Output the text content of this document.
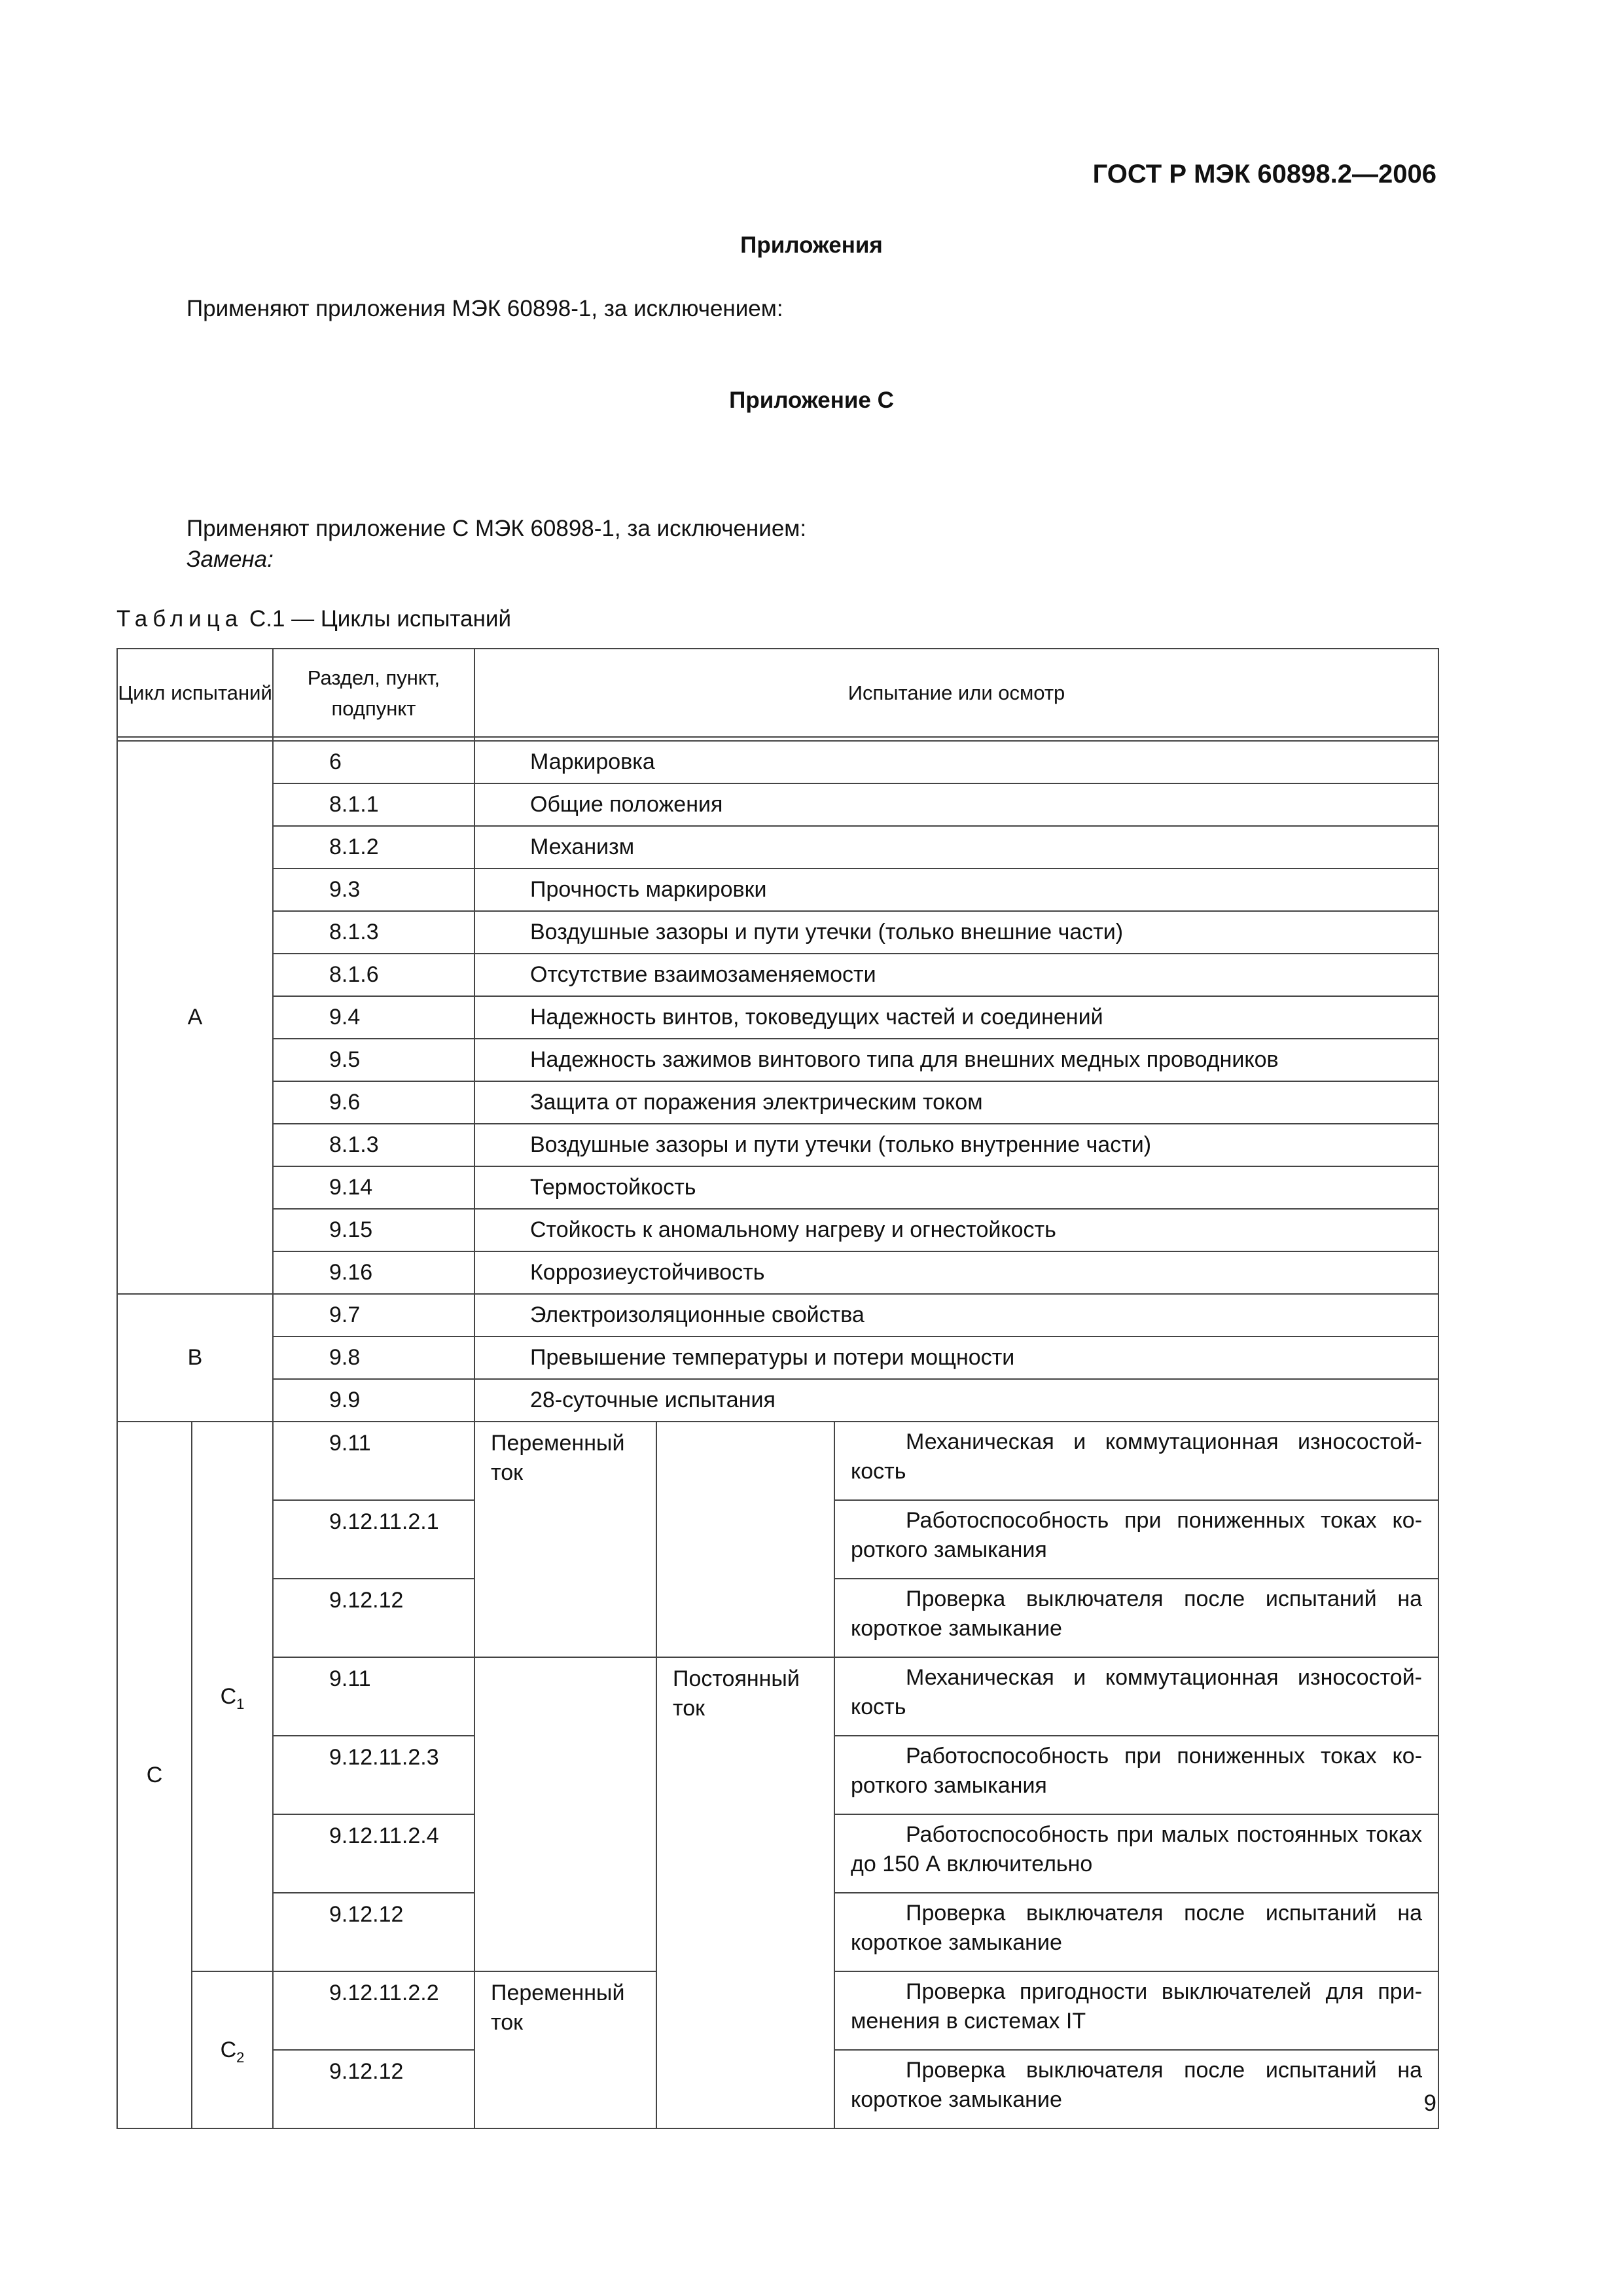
ГОСТ Р МЭК 60898.2—2006
Приложения
Применяют приложения МЭК 60898-1, за исключением:
Приложение С
Применяют приложение С МЭК 60898-1, за исключением:
Замена:
Таблица С.1 — Циклы испытаний
Цикл испытаний		Раздел, пункт, подпункт	Испытание или осмотр		

А		6	Маркировка		
		8.1.1	Общие положения		
		8.1.2	Механизм		
		9.3	Прочность маркировки		
		8.1.3	Воздушные зазоры и пути утечки (только внешние части)		
		8.1.6	Отсутствие взаимозаменяемости		
		9.4	Надежность винтов, токоведущих частей и соединений		
		9.5	Надежность зажимов винтового типа для внешних медных проводников		
		9.6	Защита от поражения электрическим током		
		8.1.3	Воздушные зазоры и пути утечки (только внутренние части)		
		9.14	Термостойкость		
		9.15	Стойкость к аномальному нагреву и огнестойкость		
		9.16	Коррозиеустойчивость		
В		9.7	Электроизоляционные свойства		
		9.8	Превышение температуры и потери мощности		
		9.9	28-суточные испытания		
С	$С_1$	9.11	Переменный ток		Механическая и коммутационная износостой-кость

		9.12.11.2.1			Работоспособность при пониженных токах ко-роткого замыкания

		9.12.12			Проверка выключателя после испытаний на короткое замыкание

		9.11		Постоянный ток	Механическая и коммутационная износостой-кость

		9.12.11.2.3			Работоспособность при пониженных токах ко-роткого замыкания

		9.12.11.2.4			Работоспособность при малых постоянных токах до 150 А включительно

		9.12.12			Проверка выключателя после испытаний на короткое замыкание

	$С_2$	9.12.11.2.2	Переменный ток		Проверка пригодности выключателей для при-менения в системах IT

		9.12.12			Проверка выключателя после испытаний на короткое замыкание	9
